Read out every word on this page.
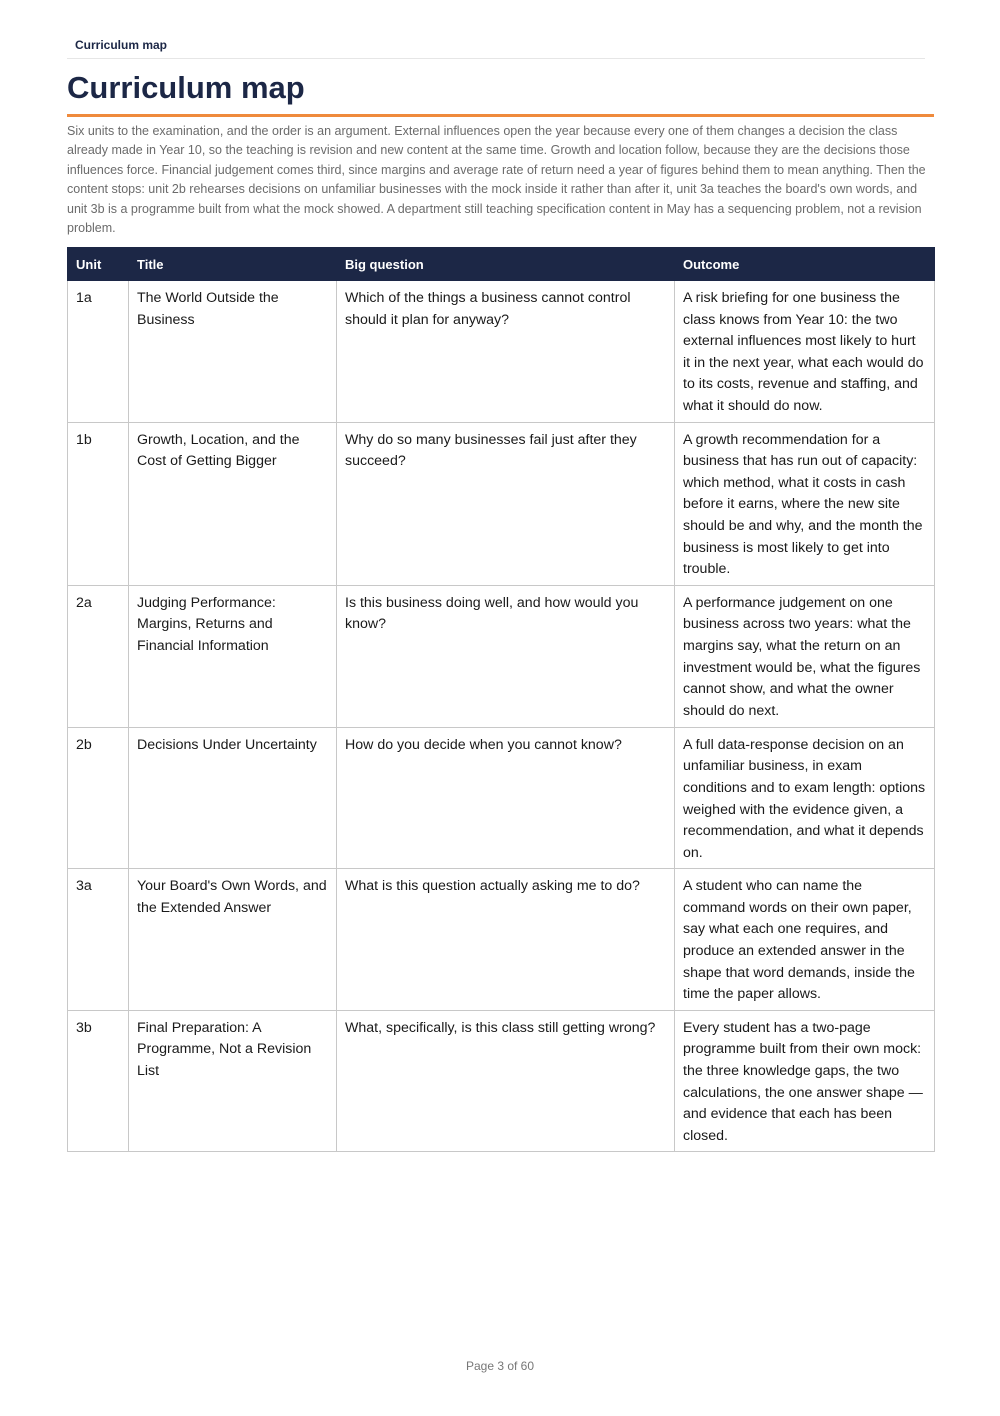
Curriculum map
Curriculum map

Six units to the examination, and the order is an argument. External influences open the year because every one of them changes a decision the class already made in Year 10, so the teaching is revision and new content at the same time. Growth and location follow, because they are the decisions those influences force. Financial judgement comes third, since margins and average rate of return need a year of figures behind them to mean anything. Then the content stops: unit 2b rehearses decisions on unfamiliar businesses with the mock inside it rather than after it, unit 3a teaches the board's own words, and unit 3b is a programme built from what the mock showed. A department still teaching specification content in May has a sequencing problem, not a revision problem.

Unit	Title	Big question	Outcome
1a	The World Outside the Business	Which of the things a business cannot control should it plan for anyway?	A risk briefing for one business the class knows from Year 10: the two external influences most likely to hurt it in the next year, what each would do to its costs, revenue and staffing, and what it should do now.
1b	Growth, Location, and the Cost of Getting Bigger	Why do so many businesses fail just after they succeed?	A growth recommendation for a business that has run out of capacity: which method, what it costs in cash before it earns, where the new site should be and why, and the month the business is most likely to get into trouble.
2a	Judging Performance: Margins, Returns and Financial Information	Is this business doing well, and how would you know?	A performance judgement on one business across two years: what the margins say, what the return on an investment would be, what the figures cannot show, and what the owner should do next.
2b	Decisions Under Uncertainty	How do you decide when you cannot know?	A full data-response decision on an unfamiliar business, in exam conditions and to exam length: options weighed with the evidence given, a recommendation, and what it depends on.
3a	Your Board's Own Words, and the Extended Answer	What is this question actually asking me to do?	A student who can name the command words on their own paper, say what each one requires, and produce an extended answer in the shape that word demands, inside the time the paper allows.
3b	Final Preparation: A Programme, Not a Revision List	What, specifically, is this class still getting wrong?	Every student has a two-page programme built from their own mock: the three knowledge gaps, the two calculations, the one answer shape — and evidence that each has been closed.
Page 3 of 60
